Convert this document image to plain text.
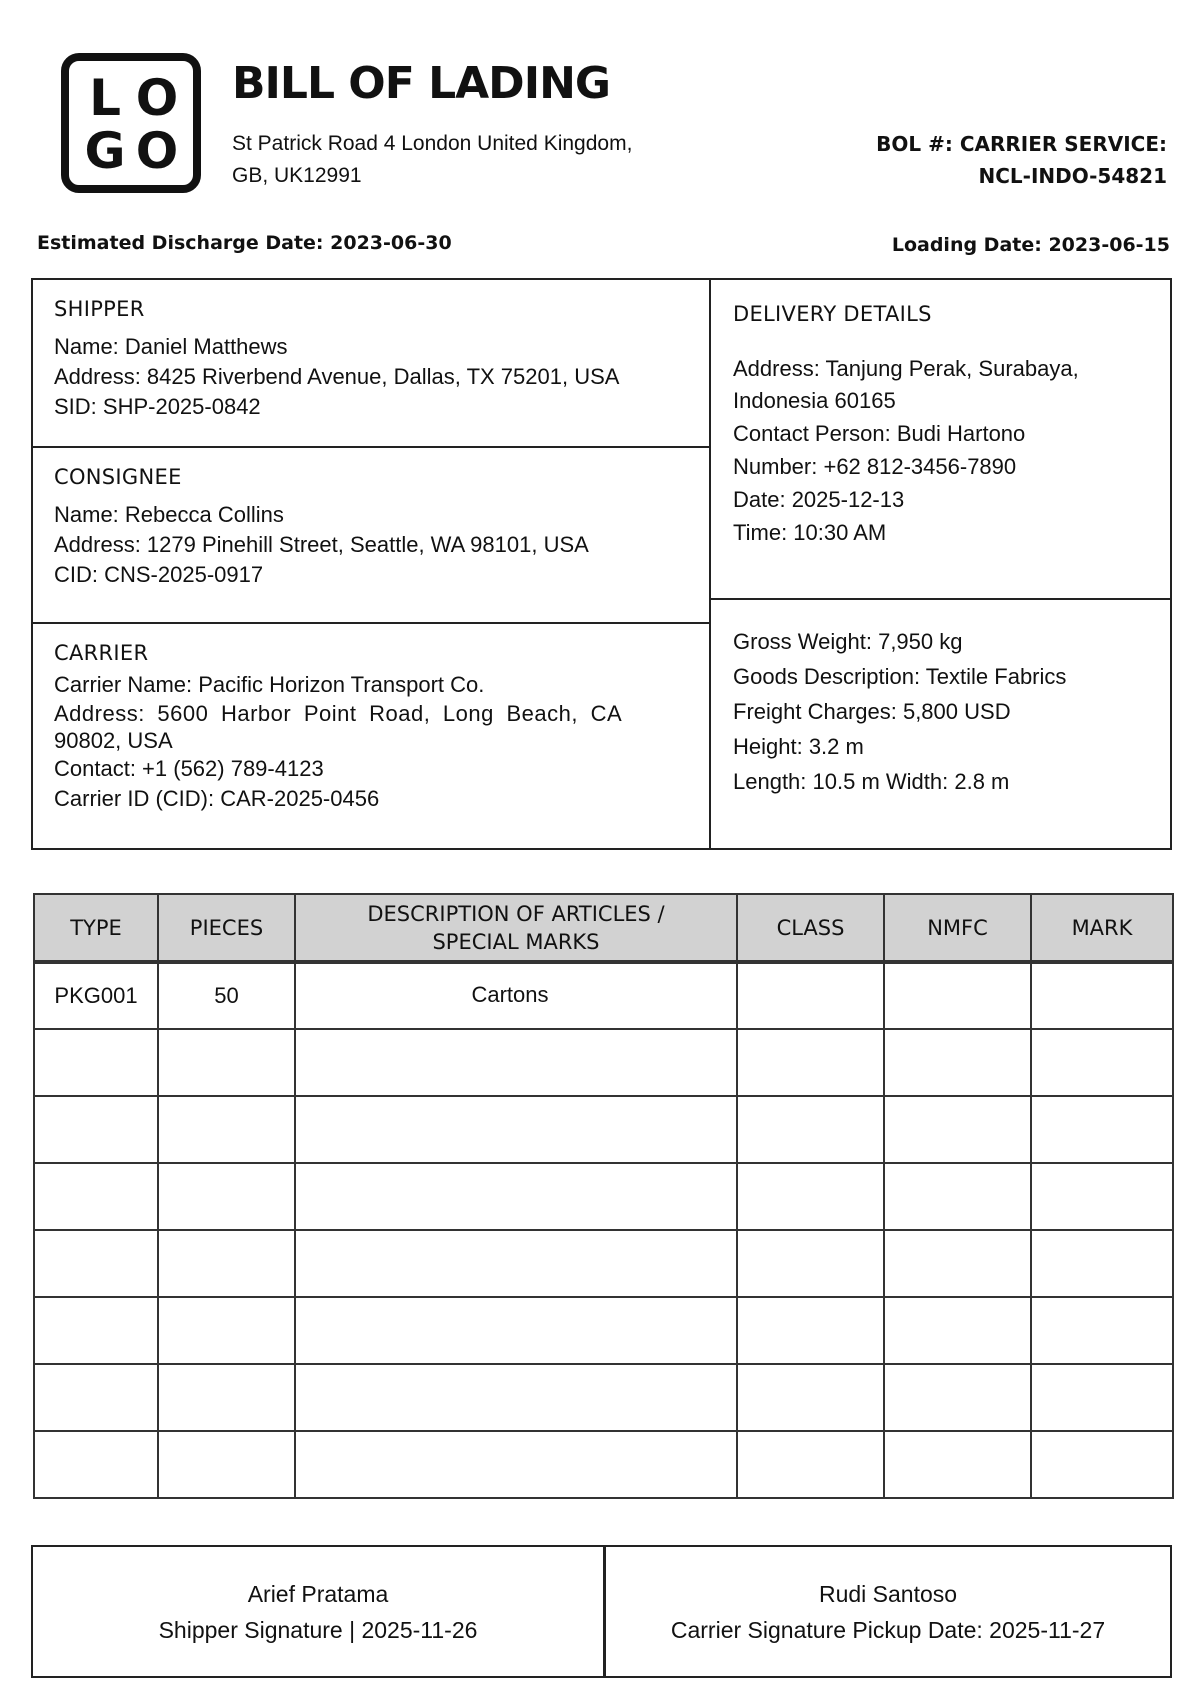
L O
G O
BILL OF LADING
St Patrick Road 4 London United Kingdom,
GB, UK12991
BOL #: CARRIER SERVICE:
NCL-INDO-54821
Estimated Discharge Date: 2023-06-30	Loading Date: 2023-06-15
SHIPPER
Name: Daniel Matthews
Address: 8425 Riverbend Avenue, Dallas, TX 75201, USA
SID: SHP-2025-0842
CONSIGNEE
Name: Rebecca Collins
Address: 1279 Pinehill Street, Seattle, WA 98101, USA
CID: CNS-2025-0917
CARRIER
Carrier Name: Pacific Horizon Transport Co.
Address: 5600 Harbor Point Road, Long Beach, CA
90802, USA
Contact: +1 (562) 789-4123
Carrier ID (CID): CAR-2025-0456
DELIVERY DETAILS
Address: Tanjung Perak, Surabaya,
Indonesia 60165
Contact Person: Budi Hartono
Number: +62 812-3456-7890
Date: 2025-12-13
Time: 10:30 AM
Gross Weight: 7,950 kg
Goods Description: Textile Fabrics
Freight Charges: 5,800 USD
Height: 3.2 m
Length: 10.5 m Width: 2.8 m
TYPE	PIECES	DESCRIPTION OF ARTICLES /
SPECIAL MARKS	CLASS	NMFC	MARK
PKG001	50	Cartons			

Arief Pratama
Shipper Signature | 2025-11-26
Rudi Santoso
Carrier Signature Pickup Date: 2025-11-27
